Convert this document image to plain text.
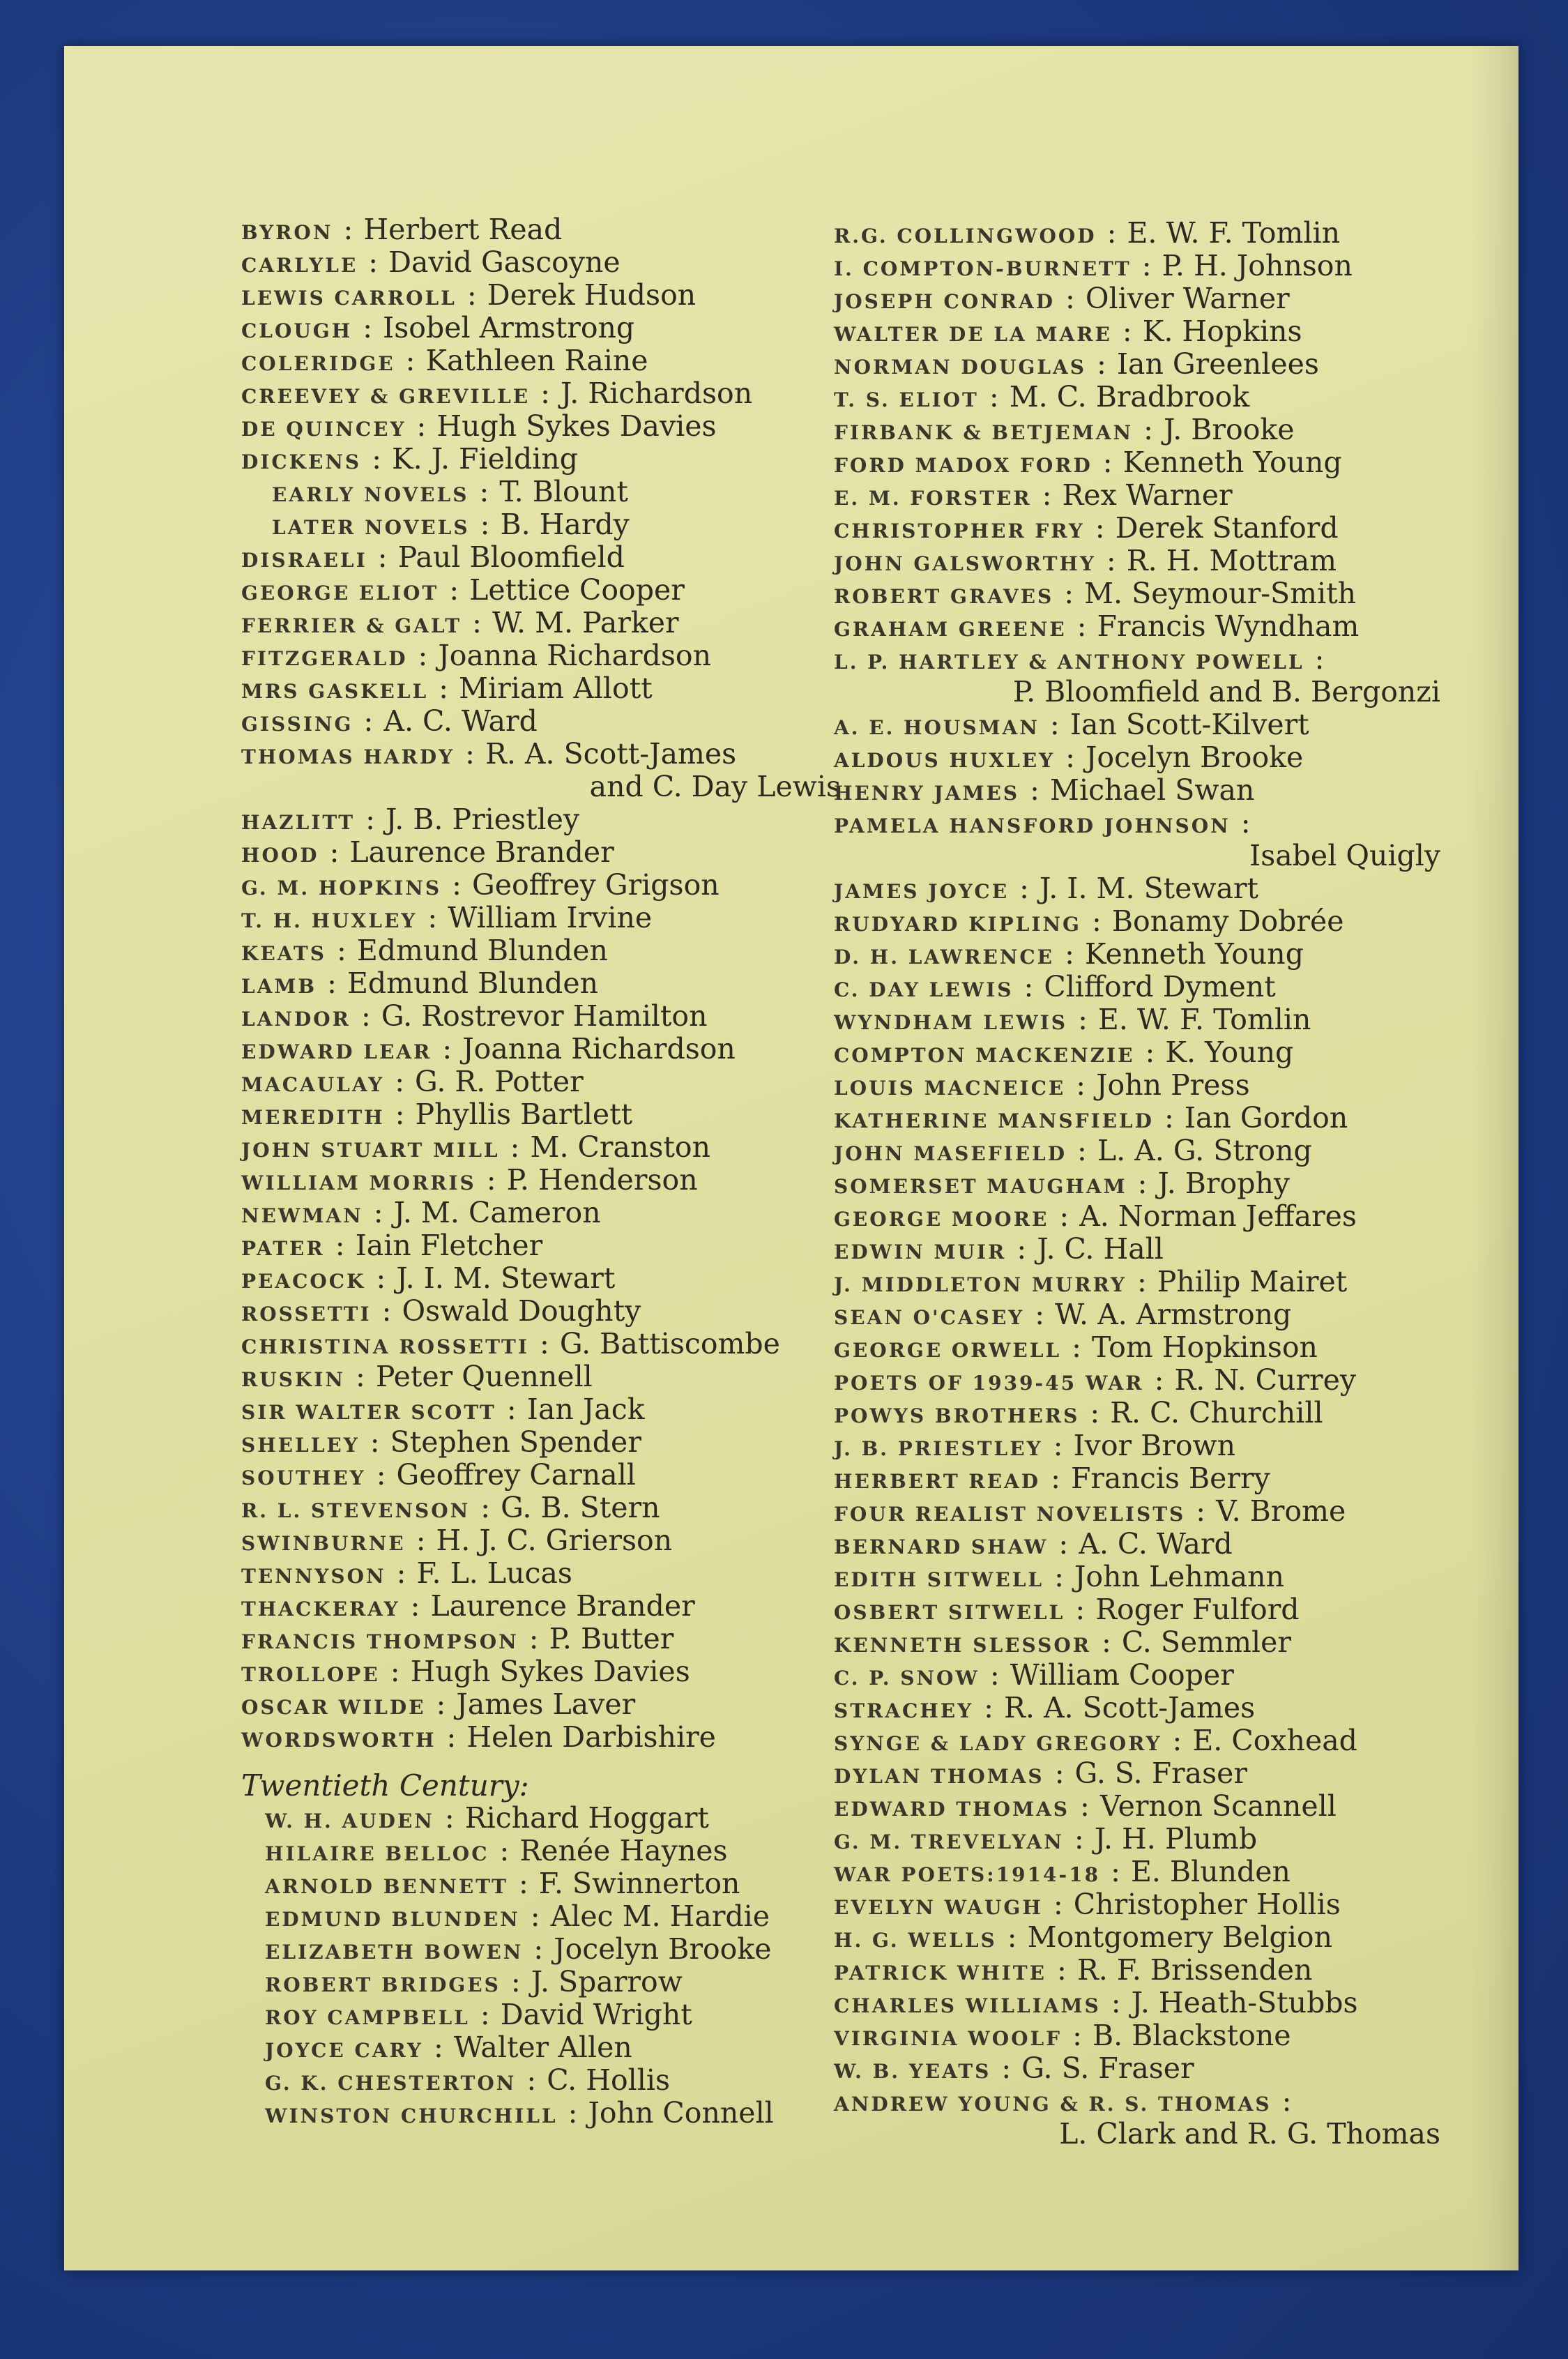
BYRON : Herbert Read
CARLYLE : David Gascoyne
LEWIS CARROLL : Derek Hudson
CLOUGH : Isobel Armstrong
COLERIDGE : Kathleen Raine
CREEVEY & GREVILLE : J. Richardson
DE QUINCEY : Hugh Sykes Davies
DICKENS : K. J. Fielding
EARLY NOVELS : T. Blount
LATER NOVELS : B. Hardy
DISRAELI : Paul Bloomfield
GEORGE ELIOT : Lettice Cooper
FERRIER & GALT : W. M. Parker
FITZGERALD : Joanna Richardson
MRS GASKELL : Miriam Allott
GISSING : A. C. Ward
THOMAS HARDY : R. A. Scott-James
and C. Day Lewis
HAZLITT : J. B. Priestley
HOOD : Laurence Brander
G. M. HOPKINS : Geoffrey Grigson
T. H. HUXLEY : William Irvine
KEATS : Edmund Blunden
LAMB : Edmund Blunden
LANDOR : G. Rostrevor Hamilton
EDWARD LEAR : Joanna Richardson
MACAULAY : G. R. Potter
MEREDITH : Phyllis Bartlett
JOHN STUART MILL : M. Cranston
WILLIAM MORRIS : P. Henderson
NEWMAN : J. M. Cameron
PATER : Iain Fletcher
PEACOCK : J. I. M. Stewart
ROSSETTI : Oswald Doughty
CHRISTINA ROSSETTI : G. Battiscombe
RUSKIN : Peter Quennell
SIR WALTER SCOTT : Ian Jack
SHELLEY : Stephen Spender
SOUTHEY : Geoffrey Carnall
R. L. STEVENSON : G. B. Stern
SWINBURNE : H. J. C. Grierson
TENNYSON : F. L. Lucas
THACKERAY : Laurence Brander
FRANCIS THOMPSON : P. Butter
TROLLOPE : Hugh Sykes Davies
OSCAR WILDE : James Laver
WORDSWORTH : Helen Darbishire
Twentieth Century:
W. H. AUDEN : Richard Hoggart
HILAIRE BELLOC : Renée Haynes
ARNOLD BENNETT : F. Swinnerton
EDMUND BLUNDEN : Alec M. Hardie
ELIZABETH BOWEN : Jocelyn Brooke
ROBERT BRIDGES : J. Sparrow
ROY CAMPBELL : David Wright
JOYCE CARY : Walter Allen
G. K. CHESTERTON : C. Hollis
WINSTON CHURCHILL : John Connell
R.G. COLLINGWOOD : E. W. F. Tomlin
I. COMPTON-BURNETT : P. H. Johnson
JOSEPH CONRAD : Oliver Warner
WALTER DE LA MARE : K. Hopkins
NORMAN DOUGLAS : Ian Greenlees
T. S. ELIOT : M. C. Bradbrook
FIRBANK & BETJEMAN : J. Brooke
FORD MADOX FORD : Kenneth Young
E. M. FORSTER : Rex Warner
CHRISTOPHER FRY : Derek Stanford
JOHN GALSWORTHY : R. H. Mottram
ROBERT GRAVES : M. Seymour-Smith
GRAHAM GREENE : Francis Wyndham
L. P. HARTLEY & ANTHONY POWELL :
P. Bloomfield and B. Bergonzi
A. E. HOUSMAN : Ian Scott-Kilvert
ALDOUS HUXLEY : Jocelyn Brooke
HENRY JAMES : Michael Swan
PAMELA HANSFORD JOHNSON :
Isabel Quigly
JAMES JOYCE : J. I. M. Stewart
RUDYARD KIPLING : Bonamy Dobrée
D. H. LAWRENCE : Kenneth Young
C. DAY LEWIS : Clifford Dyment
WYNDHAM LEWIS : E. W. F. Tomlin
COMPTON MACKENZIE : K. Young
LOUIS MACNEICE : John Press
KATHERINE MANSFIELD : Ian Gordon
JOHN MASEFIELD : L. A. G. Strong
SOMERSET MAUGHAM : J. Brophy
GEORGE MOORE : A. Norman Jeffares
EDWIN MUIR : J. C. Hall
J. MIDDLETON MURRY : Philip Mairet
SEAN O'CASEY : W. A. Armstrong
GEORGE ORWELL : Tom Hopkinson
POETS OF 1939-45 WAR : R. N. Currey
POWYS BROTHERS : R. C. Churchill
J. B. PRIESTLEY : Ivor Brown
HERBERT READ : Francis Berry
FOUR REALIST NOVELISTS : V. Brome
BERNARD SHAW : A. C. Ward
EDITH SITWELL : John Lehmann
OSBERT SITWELL : Roger Fulford
KENNETH SLESSOR : C. Semmler
C. P. SNOW : William Cooper
STRACHEY : R. A. Scott-James
SYNGE & LADY GREGORY : E. Coxhead
DYLAN THOMAS : G. S. Fraser
EDWARD THOMAS : Vernon Scannell
G. M. TREVELYAN : J. H. Plumb
WAR POETS:1914-18 : E. Blunden
EVELYN WAUGH : Christopher Hollis
H. G. WELLS : Montgomery Belgion
PATRICK WHITE : R. F. Brissenden
CHARLES WILLIAMS : J. Heath-Stubbs
VIRGINIA WOOLF : B. Blackstone
W. B. YEATS : G. S. Fraser
ANDREW YOUNG & R. S. THOMAS :
L. Clark and R. G. Thomas
